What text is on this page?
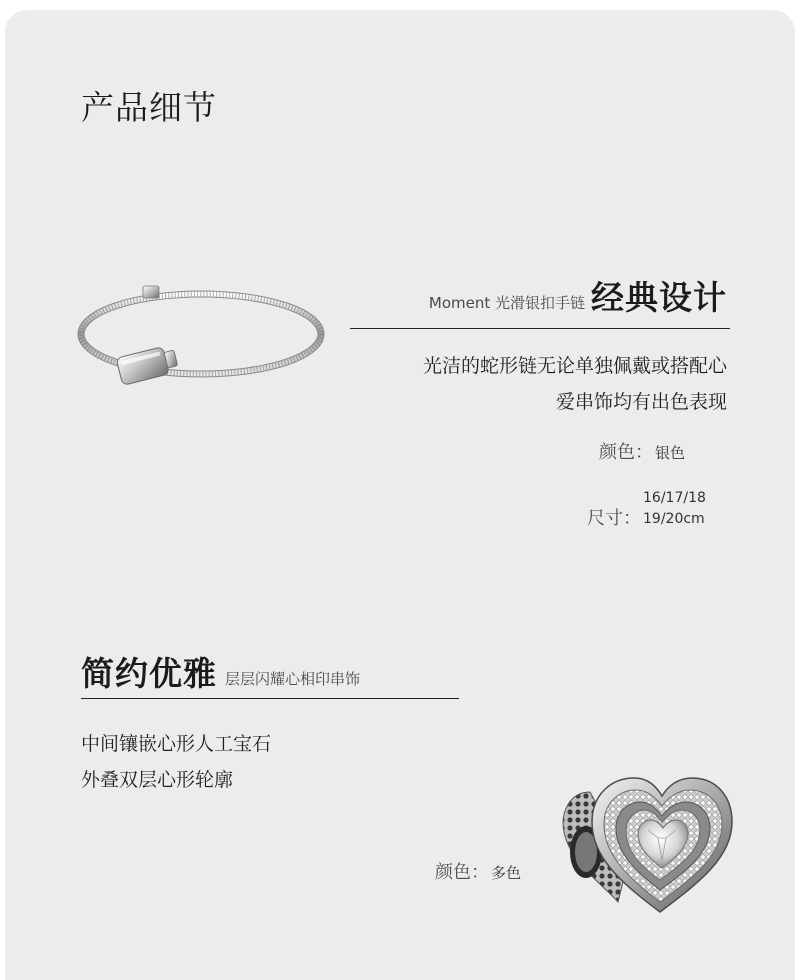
产品细节
Moment 光滑银扣手链 经典设计
光洁的蛇形链无论单独佩戴或搭配心
爱串饰均有出色表现
颜色： 银色
尺寸：
16/17/18
19/20cm
简约优雅 层层闪耀心相印串饰
中间镶嵌心形人工宝石
外叠双层心形轮廓
颜色： 多色
